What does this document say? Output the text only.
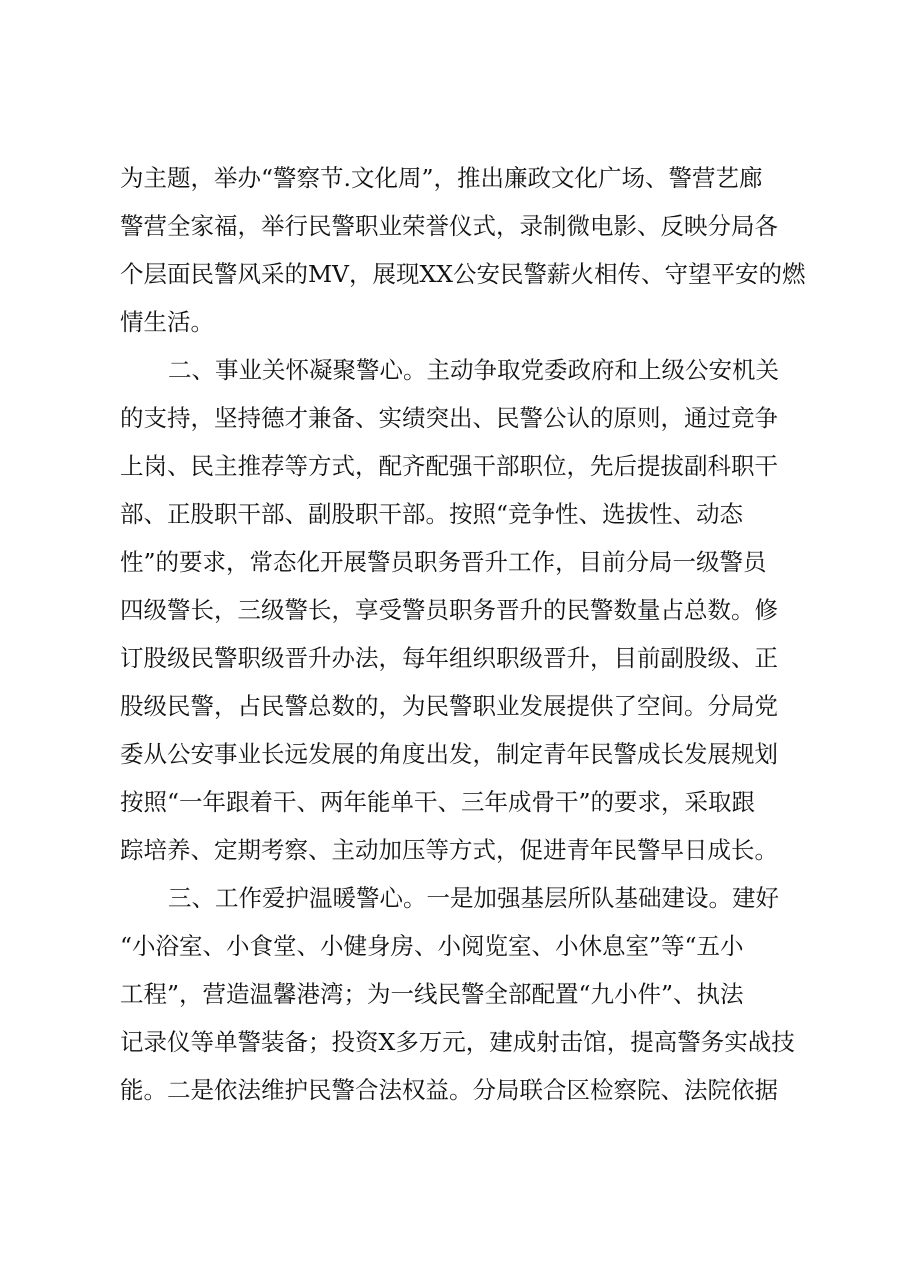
为主题，举办“警察节.文化周”，推出廉政文化广场、警营艺廊
警营全家福，举行民警职业荣誉仪式，录制微电影、反映分局各
个层面民警风采的MV，展现XX公安民警薪火相传、守望平安的燃
情生活。
二、事业关怀凝聚警心。主动争取党委政府和上级公安机关
的支持，坚持德才兼备、实绩突出、民警公认的原则，通过竞争
上岗、民主推荐等方式，配齐配强干部职位，先后提拔副科职干
部、正股职干部、副股职干部。按照“竞争性、选拔性、动态
性”的要求，常态化开展警员职务晋升工作，目前分局一级警员
四级警长，三级警长，享受警员职务晋升的民警数量占总数。修
订股级民警职级晋升办法，每年组织职级晋升，目前副股级、正
股级民警，占民警总数的，为民警职业发展提供了空间。分局党
委从公安事业长远发展的角度出发，制定青年民警成长发展规划
按照“一年跟着干、两年能单干、三年成骨干”的要求，采取跟
踪培养、定期考察、主动加压等方式，促进青年民警早日成长。
三、工作爱护温暖警心。一是加强基层所队基础建设。建好
“小浴室、小食堂、小健身房、小阅览室、小休息室”等“五小
工程”，营造温馨港湾；为一线民警全部配置“九小件”、执法
记录仪等单警装备；投资X多万元，建成射击馆，提高警务实战技
能。二是依法维护民警合法权益。分局联合区检察院、法院依据
